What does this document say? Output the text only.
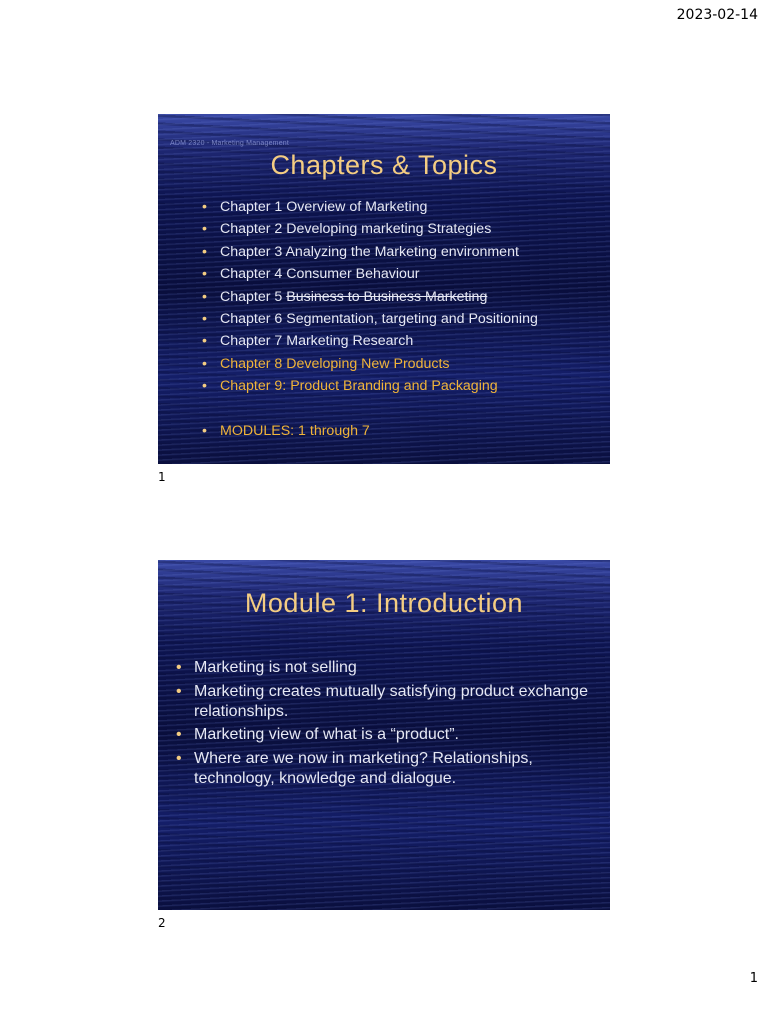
2023-02-14
ADM 2320 - Marketing Management
Chapters & Topics
• Chapter 1 Overview of Marketing
• Chapter 2 Developing marketing Strategies
• Chapter 3 Analyzing the Marketing environment
• Chapter 4 Consumer Behaviour
• Chapter 5 Business to Business Marketing
• Chapter 6 Segmentation, targeting and Positioning
• Chapter 7 Marketing Research
• Chapter 8 Developing New Products
• Chapter 9: Product Branding and Packaging
• MODULES: 1 through 7
1
Module 1: Introduction
• Marketing is not selling
• Marketing creates mutually satisfying product exchange relationships.
• Marketing view of what is a “product”.
• Where are we now in marketing? Relationships, technology, knowledge and dialogue.
2
1
